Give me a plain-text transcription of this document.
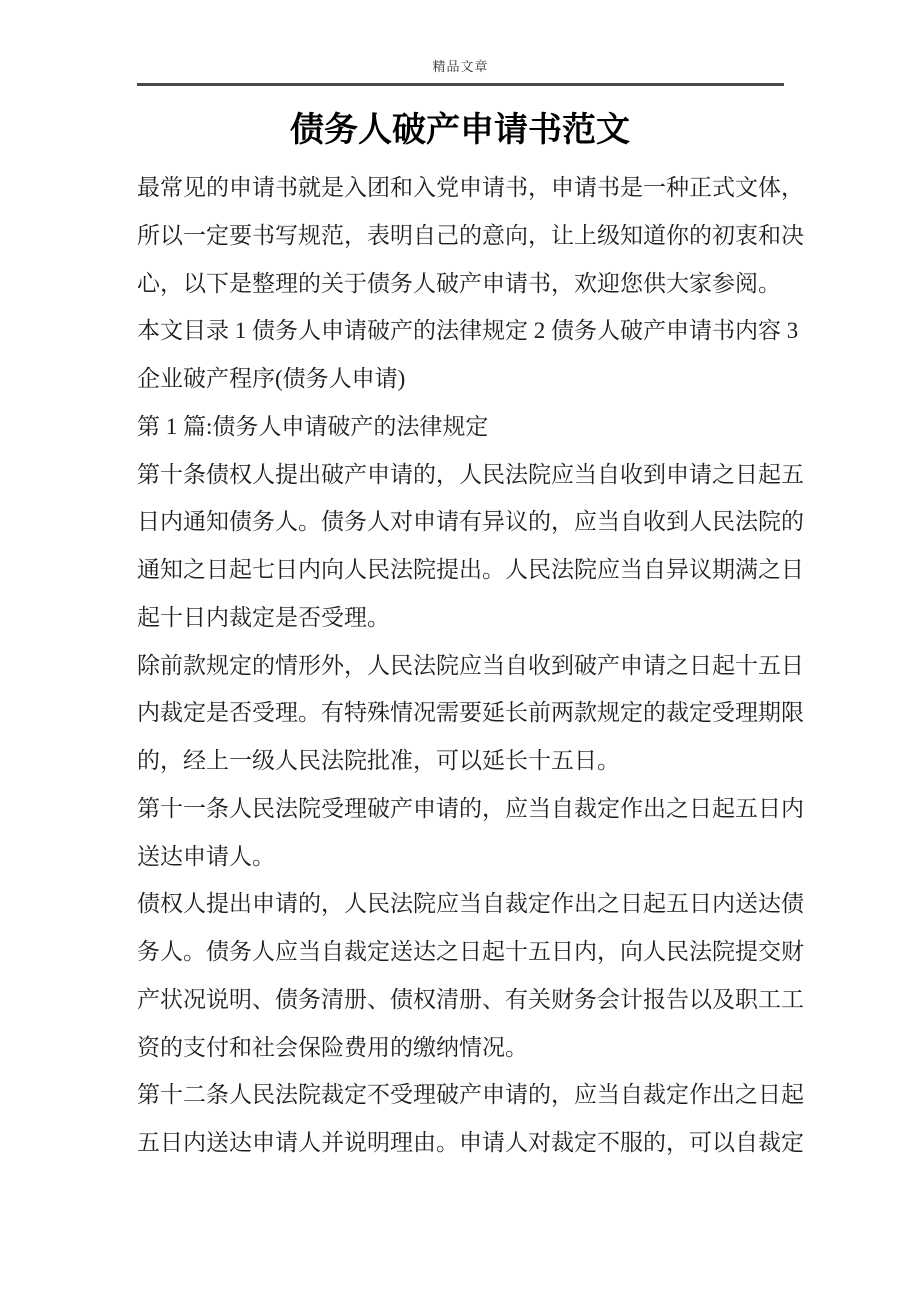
精品文章
债务人破产申请书范文
最常见的申请书就是入团和入党申请书，申请书是一种正式文体，
所以一定要书写规范，表明自己的意向，让上级知道你的初衷和决
心，以下是整理的关于债务人破产申请书，欢迎您供大家参阅。
本文目录 1 债务人申请破产的法律规定 2 债务人破产申请书内容 3
企业破产程序(债务人申请)
第 1 篇:债务人申请破产的法律规定
第十条债权人提出破产申请的，人民法院应当自收到申请之日起五
日内通知债务人。债务人对申请有异议的，应当自收到人民法院的
通知之日起七日内向人民法院提出。人民法院应当自异议期满之日
起十日内裁定是否受理。
除前款规定的情形外，人民法院应当自收到破产申请之日起十五日
内裁定是否受理。有特殊情况需要延长前两款规定的裁定受理期限
的，经上一级人民法院批准，可以延长十五日。
第十一条人民法院受理破产申请的，应当自裁定作出之日起五日内
送达申请人。
债权人提出申请的，人民法院应当自裁定作出之日起五日内送达债
务人。债务人应当自裁定送达之日起十五日内，向人民法院提交财
产状况说明、债务清册、债权清册、有关财务会计报告以及职工工
资的支付和社会保险费用的缴纳情况。
第十二条人民法院裁定不受理破产申请的，应当自裁定作出之日起
五日内送达申请人并说明理由。申请人对裁定不服的，可以自裁定
